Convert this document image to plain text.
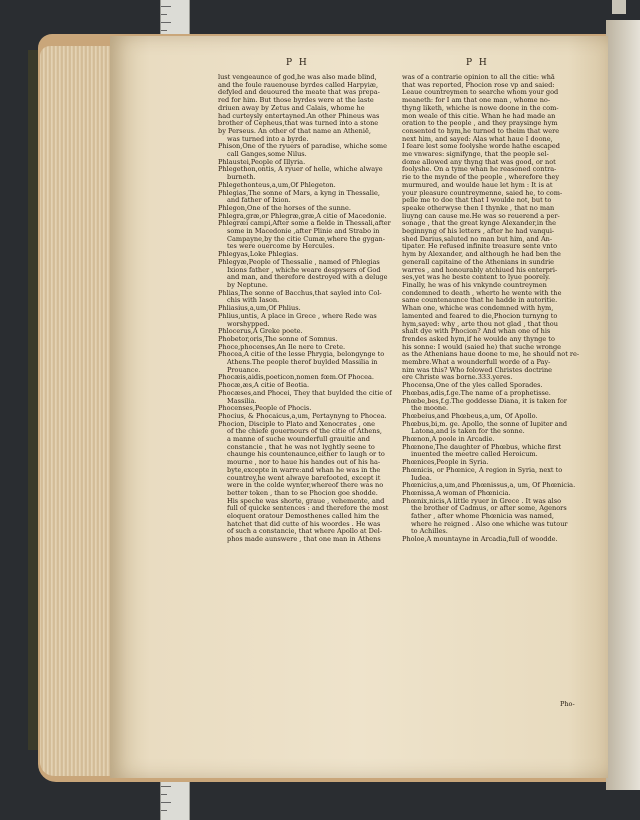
P H	P H
lust vengeaunce of god,he was also made blind,
and the foule rauenouse byrdes called Harpyiæ,
defyled and deuoured the meate that was prepa-
red for him. But those byrdes were at the laste
driuen away by Zetus and Calais, whome he
had curteysly entertayned.An other Phineus was
brother of Cepheus,that was turned into a stone
by Perseus. An other of that name an Atheniē,
was turned into a byrde.
Phison,One of the ryuers of paradise, whiche some
call Ganges,some Nilus.
Phlaustei,People of Illyria.
Phlegethon,ontis, A ryuer of helle, whiche alwaye
burneth.
Phlegethonteus,a,um,Of Phlegeton.
Phlegias,The sonne of Mars, a kyng in Thessalie,
and father of Ixion.
Phlegon,One of the horses of the sunne.
Phlegra,græ,or Phlegræ,græ,A citie of Macedonie.
Phlegræi campi,After some a fielde in Thessali,after
some in Macedonie ,after Plinie and Strabo in
Campayne,by the citie Cumæ,where the gygan-
tes were ouercome by Hercules.
Phlegyas,Loke Phlegias.
Phlegyæ,People of Thessalie , named of Phlegias
Ixions father , whiche weare despysers of God
and man, and therefore destroyed with a deluge
by Neptune.
Phlias,The sonne of Bacchus,that sayled into Col-
chis with Iason.
Phliasius,a,um,Of Phlius.
Phlius,untis, A place in Grece , where Rede was
worshypped.
Phlocerus,A Greke poete.
Phobetor,oris,The sonne of Somnus.
Phoce,phocenses,An Ile nere to Crete.
Phocea,A citie of the lesse Phrygia, belongynge to
Athens.The people therof buylded Massilia in
Prouance.
Phocæis,aidis,poeticon,nomen fœm.Of Phocea.
Phocæ,æs,A citie of Beotia.
Phocæses,and Phocei, They that buylded the citie of
Massilia.
Phocenses,People of Phocis.
Phocius, & Phocaicus,a,um, Pertaynyng to Phocea.
Phocion, Disciple to Plato and Xenocrates , one
of the chiefe gouernours of the citie of Athens,
a manne of suche wounderfull grauitie and
constancie , that he was not lyghtly seene to
chaunge his countenaunce,either to laugh or to
mourne , nor to haue his handes out of his ha-
byte,excepte in warre:and whan he was in the
countrey,he went alwaye barefooted, except it
were in the colde wynter,whereof there was no
better token , than to se Phocion goe shodde.
His speche was shorte, graue , vehemente, and
full of quicke sentences : and therefore the most
eloquent oratour Demosthenes called him the
hatchet that did cutte of his woordes . He was
of such a constancie, that where Apollo at Del-
phos made aunswere , that one man in Athens
was of a contrarie opinion to all the citie: whā
that was reported, Phocion rose vp and saied:
Leaue countreymen to searche whom your god
meaneth: for I am that one man , whome no-
thyng liketh, whiche is nowe doone in the com-
mon weale of this citie. Whan he had made an
oration to the people , and they praysinge hym
consented to hym,he turned to theim that were
next him, and sayed: Alas what haue I doone,
I feare lest some foolyshe worde hathe escaped
me vnwares: signifynge, that the people sel-
dome allowed any thyng that was good, or not
foolyshe. On a tyme whan he reasoned contra-
rie to the mynde of the people , wherefore they
murmured, and woulde haue let hym : It is at
your pleasure countreymenne, saied he, to com-
pelle me to doe that that I woulde not, but to
speake otherwyse then I thynke , that no man
liuyng can cause me.He was so reuerend a per-
sonage , that the great kynge Alexander,in the
beginnyng of his letters , after he had vanqui-
shed Darius,saluted no man but him, and An-
tipater. He refused infinite treasure sente vnto
hym by Alexander, and although he had ben the
generall capitaine of the Athenians in sundrie
warres , and honourably atchiued his enterpri-
ses,yet was he beste content to lyue poorely.
Finally, he was of his vnkynde countreymen
condemned to death , wherto he wente with the
same countenaunce that he hadde in autoritie.
Whan one, whiche was condemned with hym,
lamented and feared to die,Phocion turnyng to
hym,sayed: why , arte thou not glad , that thou
shalt dye with Phocion? And whan one of his
frendes asked hym,if he woulde any thynge to
his sonne: I would (saied he) that suche wronge
as the Athenians haue doone to me, he should not re-
membre.What a wounderfull worde of a Pay-
nim was this? Who folowed Christes doctrine
ere Christe was borne.333.yeres.
Phocensa,One of the yles called Sporades.
Phœbas,adis,f.ge.The name of a prophetisse.
Phœbe,bes,f.g.The goddesse Diana, it is taken for
the moone.
Phœbeius,and Phœbeus,a,um, Of Apollo.
Phœbus,bi,m. ge. Apollo, the sonne of Iupiter and
Latona,and is taken for the sonne.
Phœnon,A poole in Arcadie.
Phœnone,The daughter of Phœbus, whiche first
inuented the meetre called Heroicum.
Phœnices,People in Syria.
Phœnicis, or Phœnice, A region in Syria, next to
Iudea.
Phœnicius,a,um,and Phœnissus,a, um, Of Phœnicia.
Phœnissa,A woman of Phœnicia.
Phœnix,nicis,A little ryuer in Grece . It was also
the brother of Cadmus, or after some, Agenors
father , after whome Phœnicia was named,
where he reigned . Also one whiche was tutour
to Achilles.
Pholoe,A mountayne in Arcadia,full of woodde.
Pho-
